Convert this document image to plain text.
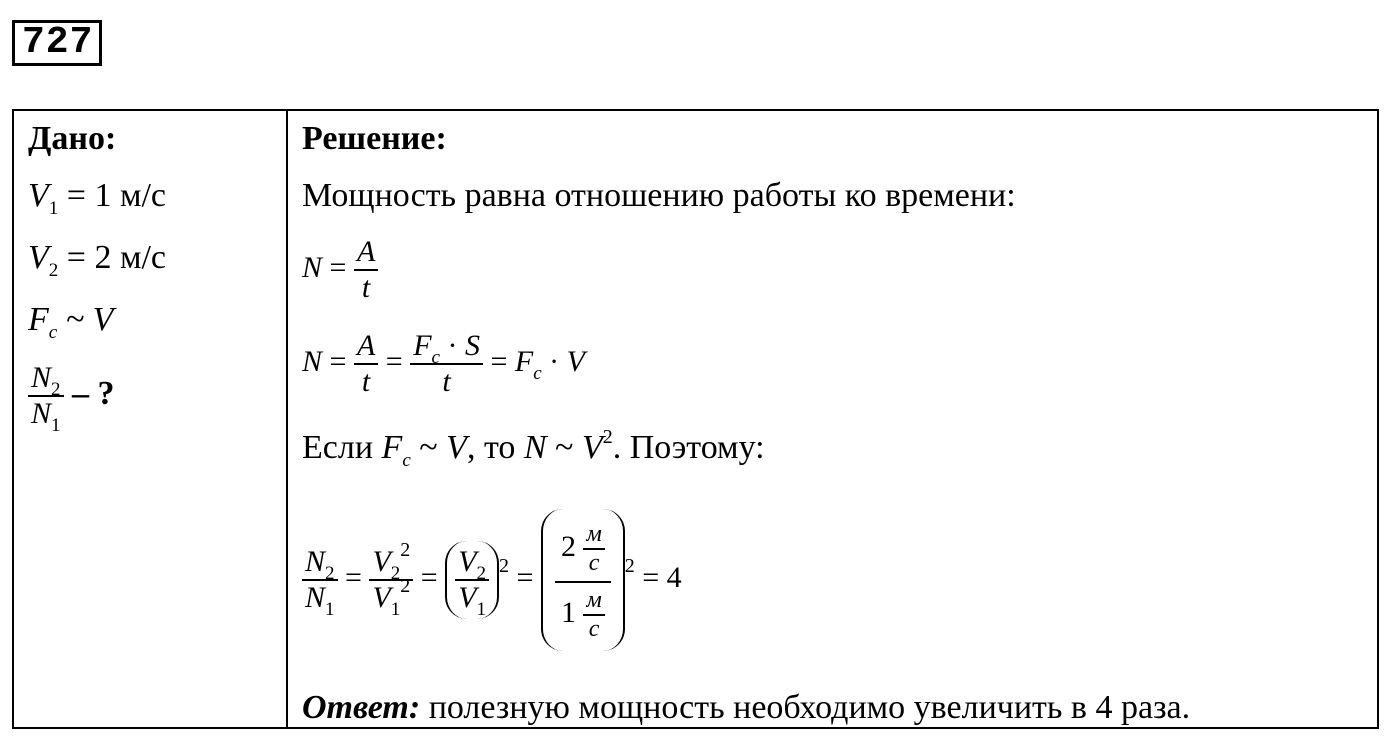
727
Дано:
$V_1 = 1$ м/с
$V_2 = 2$ м/с
$F_c$ ~ V
$\frac{N_2}{N_1}$ – ?
Решение:
Мощность равна отношению работы ко времени:
$N = \frac{A}{t}$
$N = \frac{A}{t} = \frac{F_c \cdot S}{t} = F_c \cdot V$
Если $F_c$ ~ V, то N ~ $V^2$. Поэтому:
$\frac{N_2}{N_1} = \frac{V_2^2}{V_1^2} = \frac{V_2}{V_1} ^2 = \frac{2 \frac{м}{с}}{1 \frac{м}{с}} ^2 = 4$
Ответ: полезную мощность необходимо увеличить в 4 раза.
